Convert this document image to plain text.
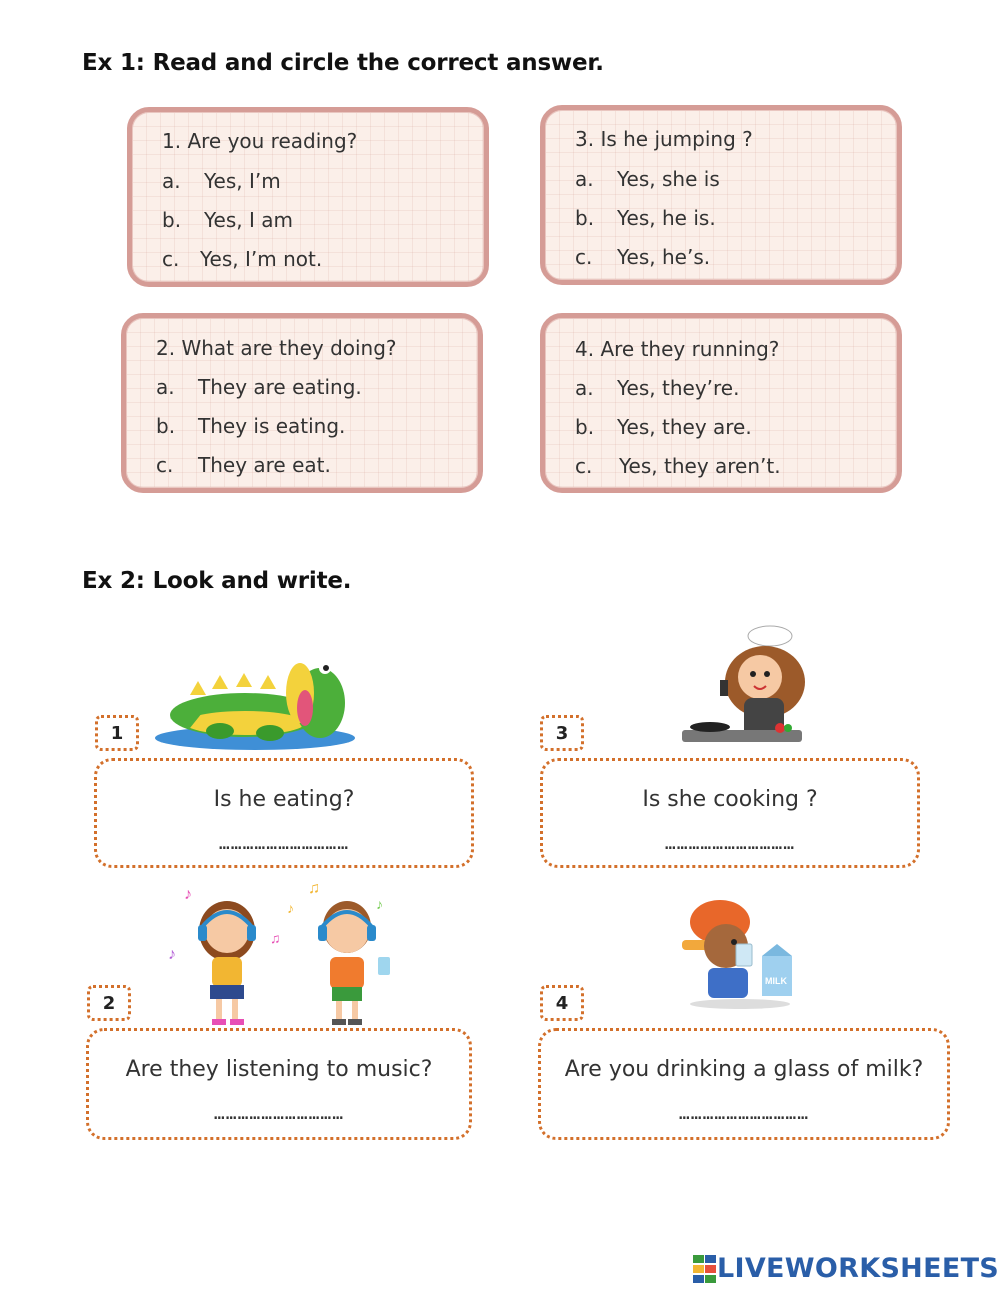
Ex 1: Read and circle the correct answer.
1. Are you reading?
a. Yes, I’m
b. Yes, I am
c. Yes, I’m not.
3. Is he jumping ?
a. Yes, she is
b. Yes, he is.
c. Yes, he’s.
2. What are they doing?
a. They are eating.
b. They is eating.
c. They are eat.
4. Are they running?
a. Yes, they’re.
b. Yes, they are.
c. Yes, they aren’t.
Ex 2: Look and write.
1
Is he eating?
……………………………
3
Is she cooking ?
……………………………
♪
♪
♫
♪
♫
♪
2
Are they listening to music?
……………………………
MILK
4
Are you drinking a glass of milk?
……………………………
LIVEWORKSHEETS
